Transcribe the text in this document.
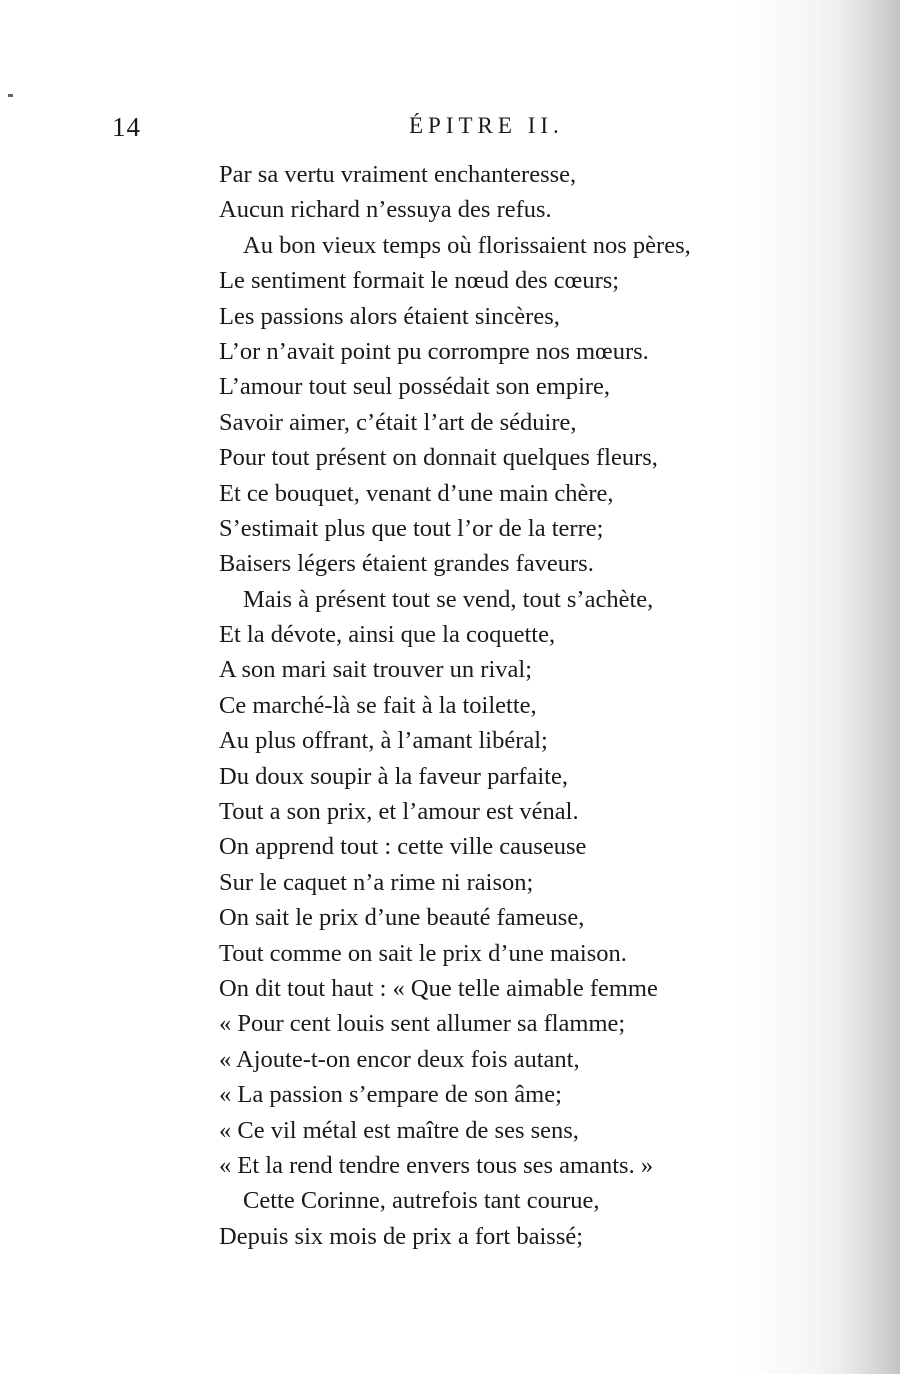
14	ÉPITRE II.
Par sa vertu vraiment enchanteresse,
Aucun richard n’essuya des refus.
Au bon vieux temps où florissaient nos pères,
Le sentiment formait le nœud des cœurs;
Les passions alors étaient sincères,
L’or n’avait point pu corrompre nos mœurs.
L’amour tout seul possédait son empire,
Savoir aimer, c’était l’art de séduire,
Pour tout présent on donnait quelques fleurs,
Et ce bouquet, venant d’une main chère,
S’estimait plus que tout l’or de la terre;
Baisers légers étaient grandes faveurs.
Mais à présent tout se vend, tout s’achète,
Et la dévote, ainsi que la coquette,
A son mari sait trouver un rival;
Ce marché-là se fait à la toilette,
Au plus offrant, à l’amant libéral;
Du doux soupir à la faveur parfaite,
Tout a son prix, et l’amour est vénal.
On apprend tout : cette ville causeuse
Sur le caquet n’a rime ni raison;
On sait le prix d’une beauté fameuse,
Tout comme on sait le prix d’une maison.
On dit tout haut : « Que telle aimable femme
« Pour cent louis sent allumer sa flamme;
« Ajoute-t-on encor deux fois autant,
« La passion s’empare de son âme;
« Ce vil métal est maître de ses sens,
« Et la rend tendre envers tous ses amants. »
Cette Corinne, autrefois tant courue,
Depuis six mois de prix a fort baissé;
